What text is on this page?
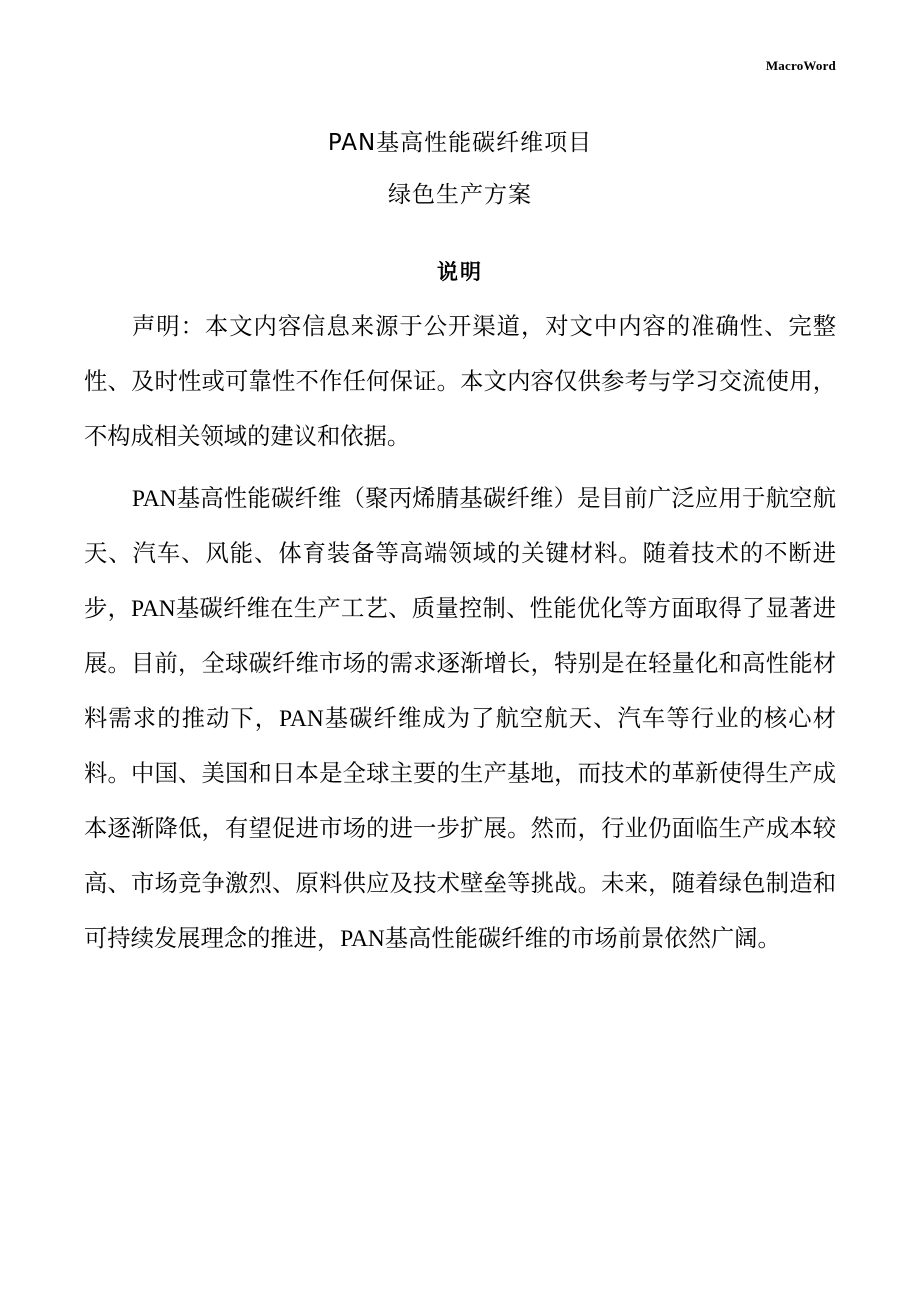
MacroWord
PAN基高性能碳纤维项目
绿色生产方案
说明

声明：本文内容信息来源于公开渠道，对文中内容的准确性、完整性、及时性或可靠性不作任何保证。本文内容仅供参考与学习交流使用，不构成相关领域的建议和依据。

PAN基高性能碳纤维（聚丙烯腈基碳纤维）是目前广泛应用于航空航天、汽车、风能、体育装备等高端领域的关键材料。随着技术的不断进步，PAN基碳纤维在生产工艺、质量控制、性能优化等方面取得了显著进展。目前，全球碳纤维市场的需求逐渐增长，特别是在轻量化和高性能材料需求的推动下，PAN基碳纤维成为了航空航天、汽车等行业的核心材料。中国、美国和日本是全球主要的生产基地，而技术的革新使得生产成本逐渐降低，有望促进市场的进一步扩展。然而，行业仍面临生产成本较高、市场竞争激烈、原料供应及技术壁垒等挑战。未来，随着绿色制造和可持续发展理念的推进，PAN基高性能碳纤维的市场前景依然广阔。
